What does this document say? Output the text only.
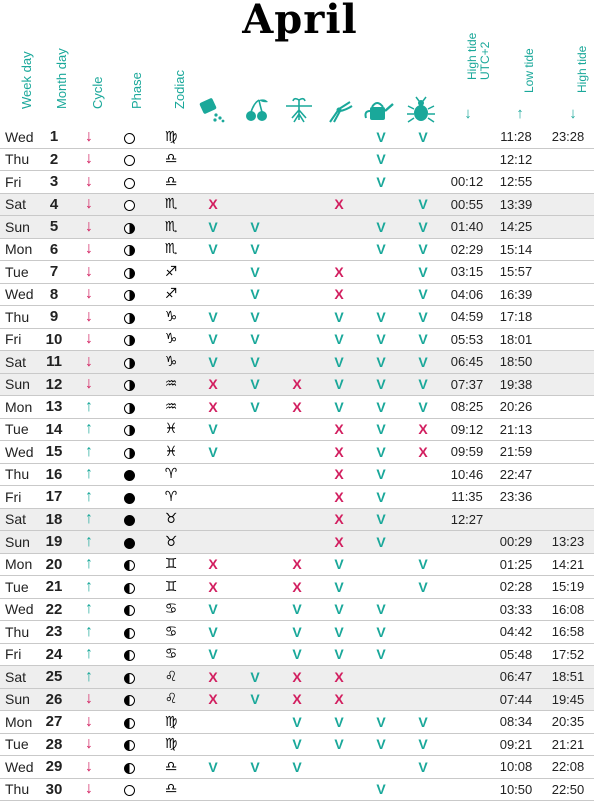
April
Week day Month day Cycle Phase Zodiac
High tide UTC+2
↓
Low tide
↑
High tide
↓
Wed	1	↓		♍					V	V		11:28	23:28
Thu	2	↓		♎					V			12:12	
Fri	3	↓		♎					V		00:12	12:55	
Sat	4	↓		♏	X			X		V	00:55	13:39	
Sun	5	↓		♏	V	V			V	V	01:40	14:25	
Mon	6	↓		♏	V	V			V	V	02:29	15:14	
Tue	7	↓		♐		V		X		V	03:15	15:57	
Wed	8	↓		♐		V		X		V	04:06	16:39	
Thu	9	↓		♑	V	V		V	V	V	04:59	17:18	
Fri	10	↓		♑	V	V		V	V	V	05:53	18:01	
Sat	11	↓		♑	V	V		V	V	V	06:45	18:50	
Sun	12	↓		♒	X	V	X	V	V	V	07:37	19:38	
Mon	13	↑		♒	X	V	X	V	V	V	08:25	20:26	
Tue	14	↑		♓	V			X	V	X	09:12	21:13	
Wed	15	↑		♓	V			X	V	X	09:59	21:59	
Thu	16	↑		♈				X	V		10:46	22:47	
Fri	17	↑		♈				X	V		11:35	23:36	
Sat	18	↑		♉				X	V		12:27		
Sun	19	↑		♉				X	V			00:29	13:23
Mon	20	↑		♊	X		X	V		V		01:25	14:21
Tue	21	↑		♊	X		X	V		V		02:28	15:19
Wed	22	↑		♋	V		V	V	V			03:33	16:08
Thu	23	↑		♋	V		V	V	V			04:42	16:58
Fri	24	↑		♋	V		V	V	V			05:48	17:52
Sat	25	↑		♌	X	V	X	X				06:47	18:51
Sun	26	↓		♌	X	V	X	X				07:44	19:45
Mon	27	↓		♍			V	V	V	V		08:34	20:35
Tue	28	↓		♍			V	V	V	V		09:21	21:21
Wed	29	↓		♎	V	V	V			V		10:08	22:08
Thu	30	↓		♎					V			10:50	22:50
